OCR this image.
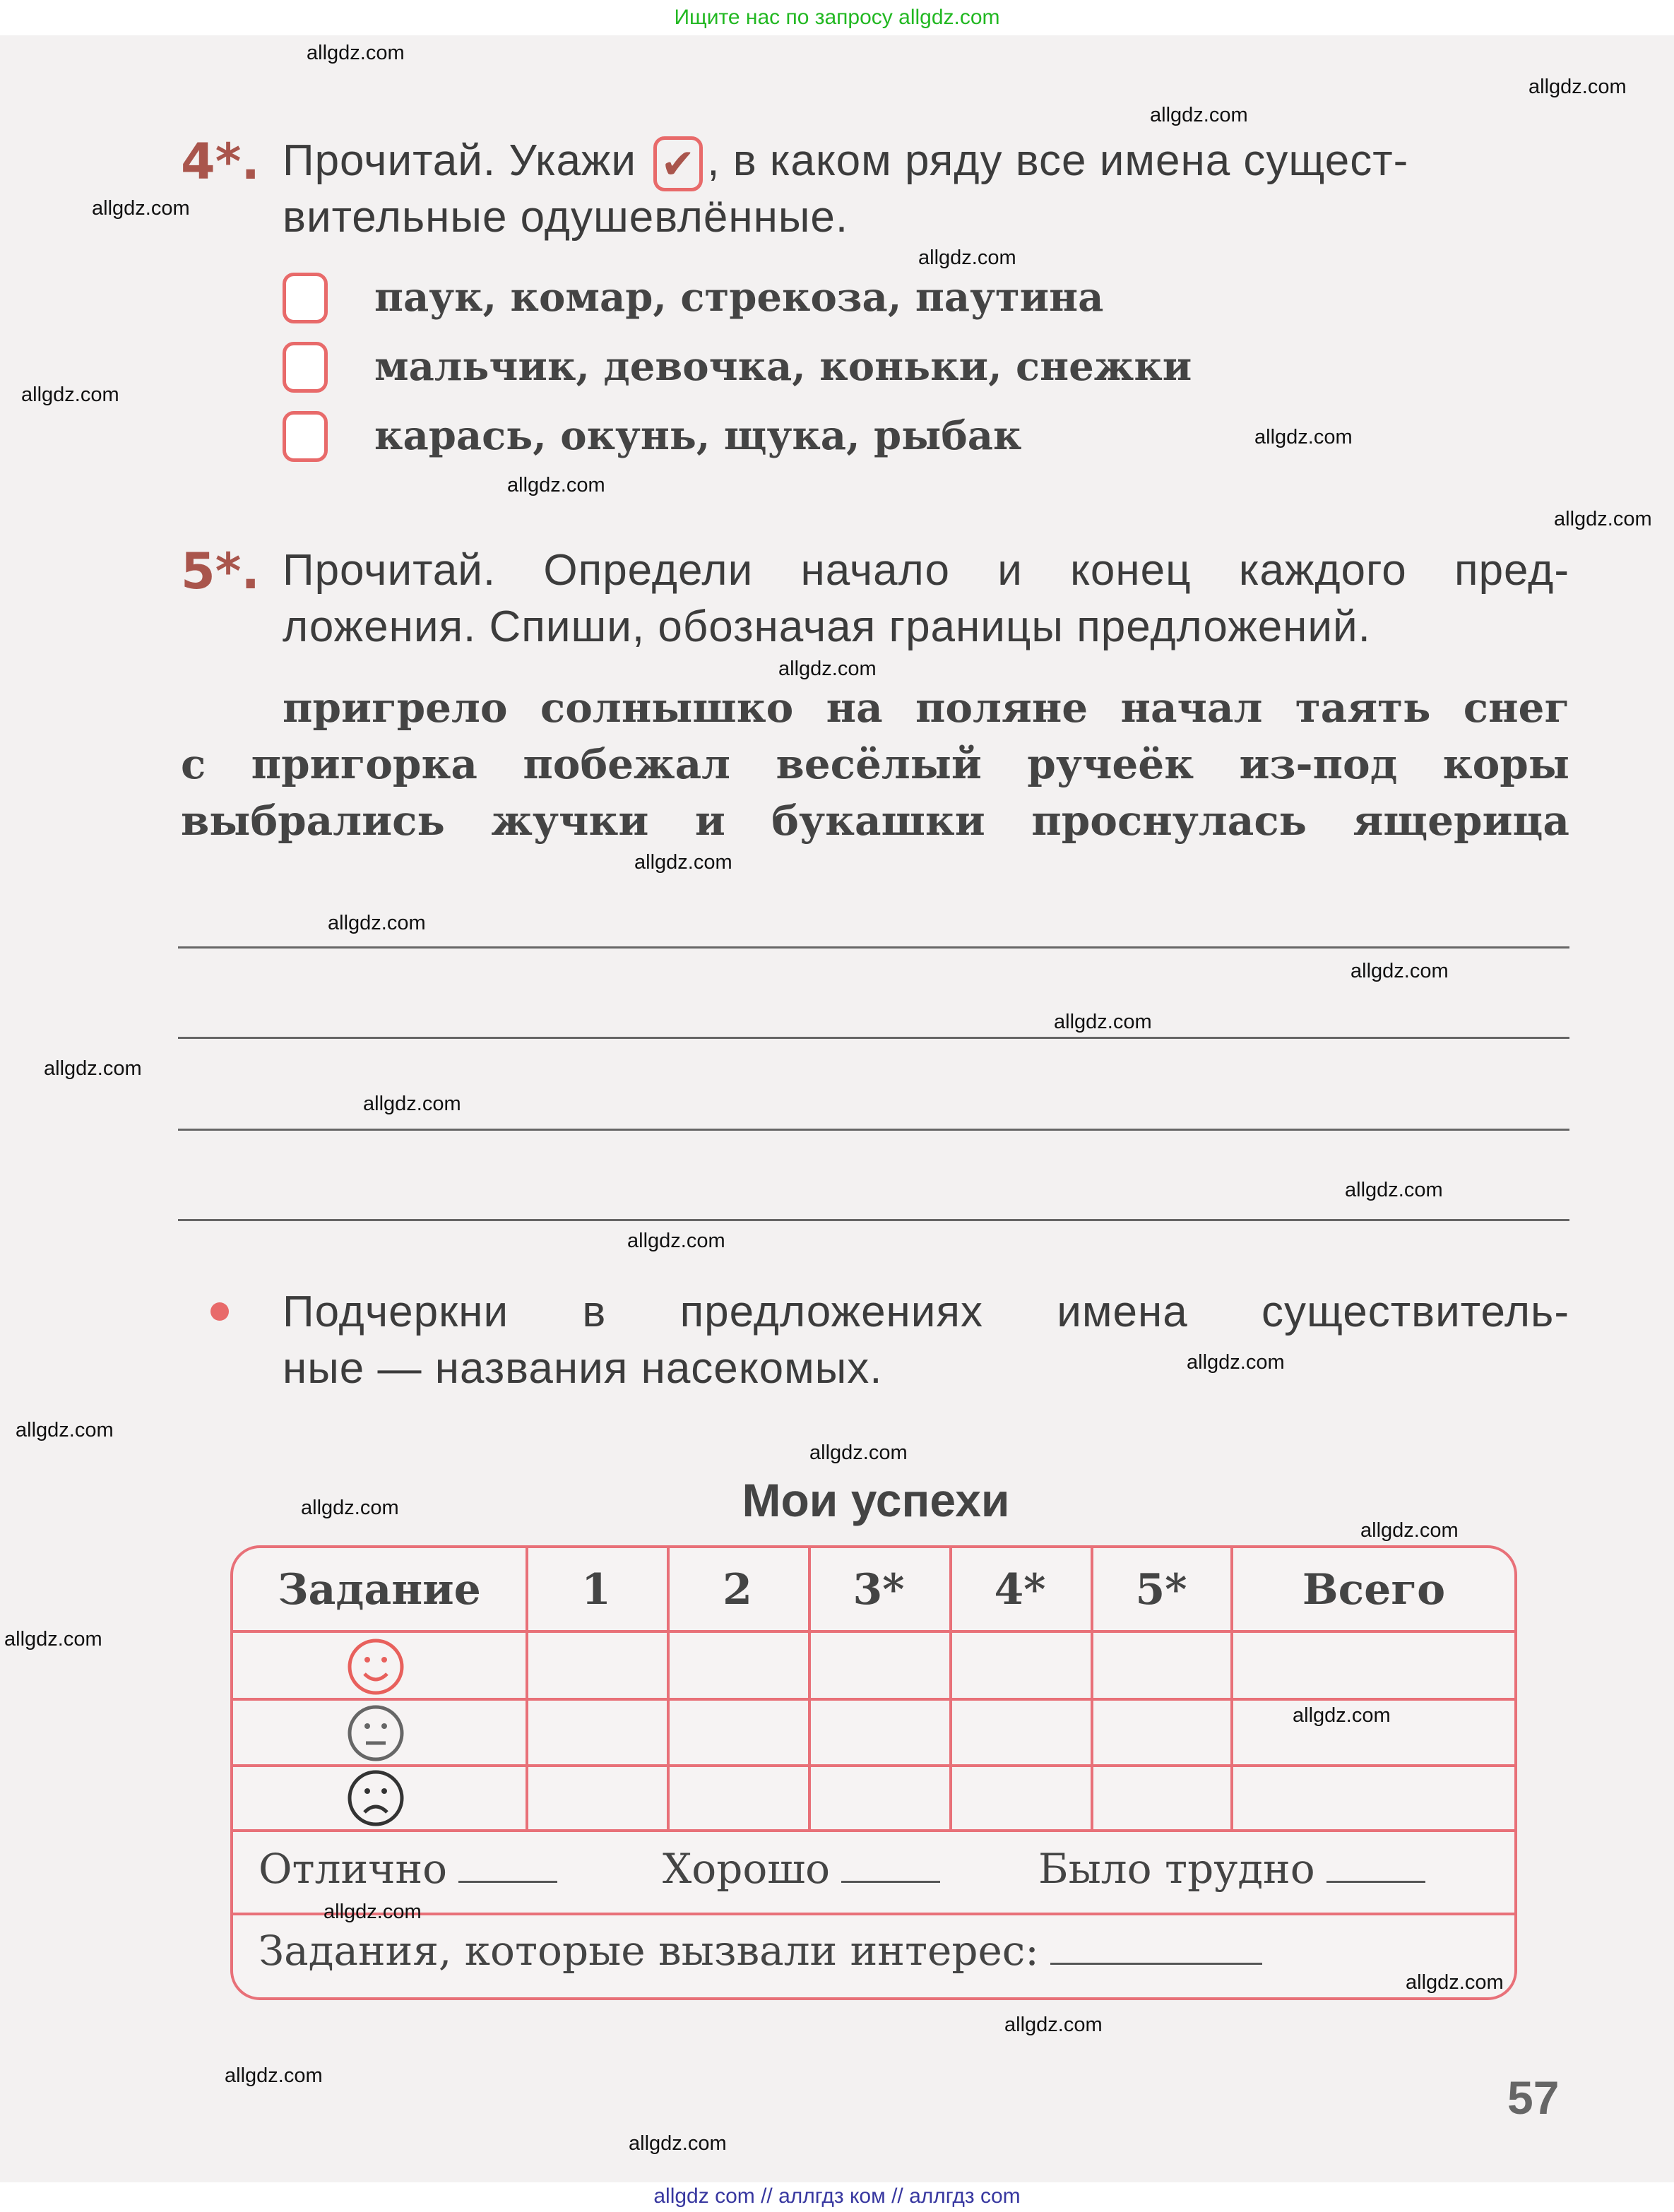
Ищите нас по запросу allgdz.com
allgdz com // аллгдз ком // аллгдз com
4*. Прочитай. Укажи ✔ , в каком ряду все имена сущест-
вительные одушевлённые.
паук, комар, стрекоза, паутина
мальчик, девочка, коньки, снежки
карась, окунь, щука, рыбак
5*. Прочитай. Определи начало и конец каждого пред-
ложения. Спиши, обозначая границы предложений.
пригрело солнышко на поляне начал таять снег
с пригорка побежал весёлый ручеёк из-под коры
выбрались жучки и букашки проснулась ящерица
Подчеркни в предложениях имена существитель-
ные — названия насекомых.
Мои успехи
Задание	1	2	3*	4*	5*	Всего
Отлично	Хорошо	Было трудно
Задания, которые вызвали интерес:
57
allgdz.com
allgdz.com
allgdz.com
allgdz.com
allgdz.com
allgdz.com
allgdz.com
allgdz.com
allgdz.com
allgdz.com
allgdz.com
allgdz.com
allgdz.com
allgdz.com
allgdz.com
allgdz.com
allgdz.com
allgdz.com
allgdz.com
allgdz.com
allgdz.com
allgdz.com
allgdz.com
allgdz.com
allgdz.com
allgdz.com
allgdz.com
allgdz.com
allgdz.com
allgdz.com
